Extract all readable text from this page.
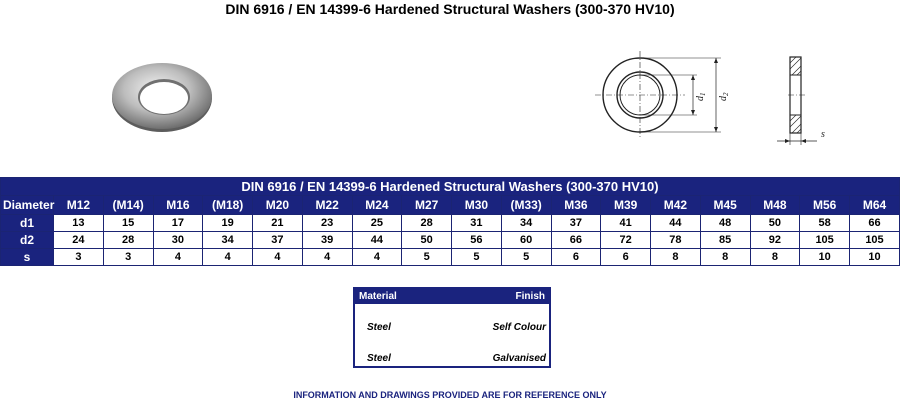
DIN 6916 / EN 14399-6 Hardened Structural Washers (300-370 HV10)
$d_1$
$d_2$
s
DIN 6916 / EN 14399-6 Hardened Structural Washers (300-370 HV10)																	
Diameter	M12	(M14)	M16	(M18)	M20	M22	M24	M27	M30	(M33)	M36	M39	M42	M45	M48	M56	M64
d1	13	15	17	19	21	23	25	28	31	34	37	41	44	48	50	58	66
d2	24	28	30	34	37	39	44	50	56	60	66	72	78	85	92	105	105
s	3	3	4	4	4	4	4	5	5	5	6	6	8	8	8	10	10
Material	Finish
Steel	Self Colour
Steel	Galvanised
INFORMATION AND DRAWINGS PROVIDED ARE FOR REFERENCE ONLY
